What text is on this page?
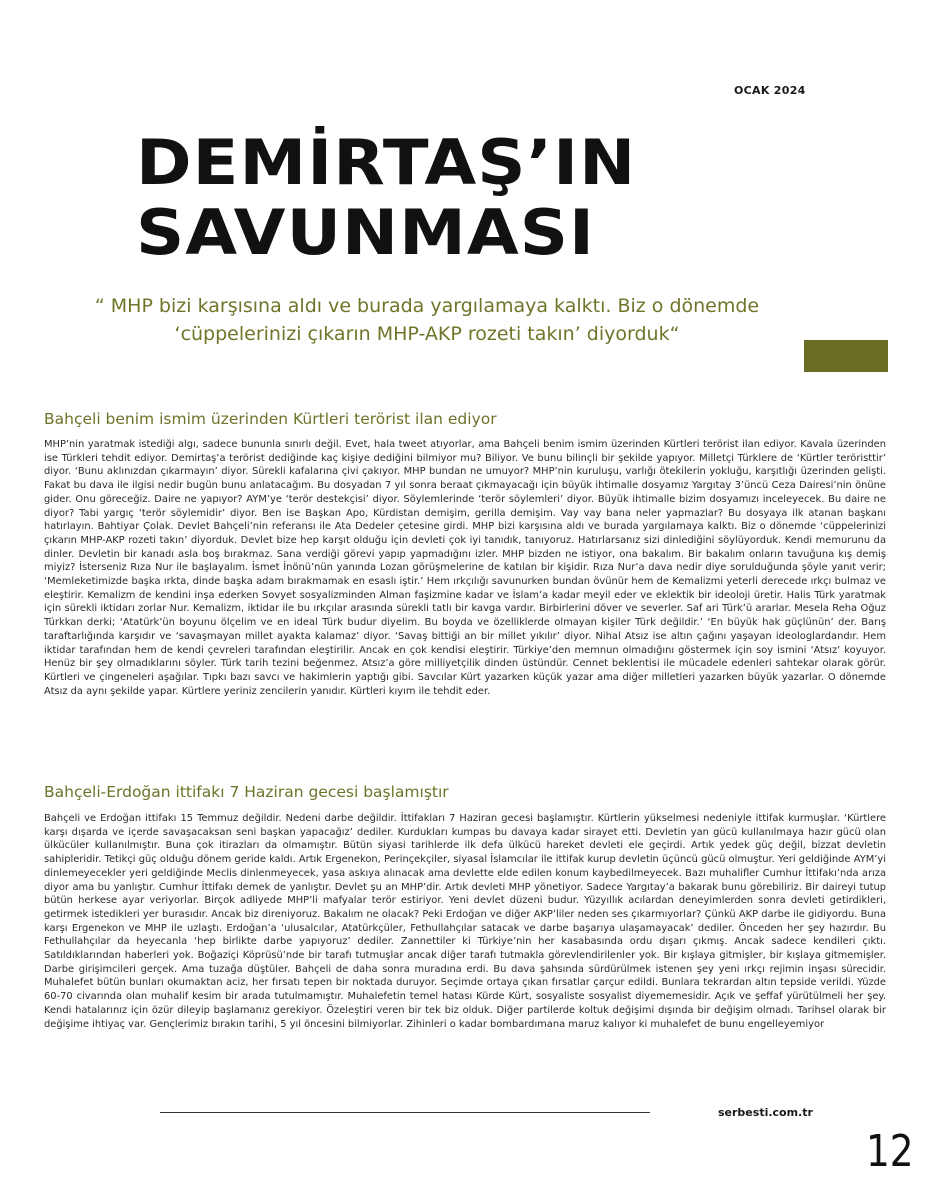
OCAK 2024
DEMİRTAŞ’IN
SAVUNMASI

“ MHP bizi karşısına aldı ve burada yargılamaya kalktı. Biz o dönemde ‘cüppelerinizi çıkarın MHP-AKP rozeti takın’ diyorduk“

Bahçeli benim ismim üzerinden Kürtleri terörist ilan ediyor

MHP’nin yaratmak istediği algı, sadece bununla sınırlı değil. Evet, hala tweet atıyorlar, ama Bahçeli benim ismim üzerinden Kürtleri terörist ilan ediyor. Kavala üzerinden ise Türkleri tehdit ediyor. Demirtaş’a terörist dediğinde kaç kişiye dediğini bilmiyor mu? Biliyor. Ve bunu bilinçli bir şekilde yapıyor. Milletçi Türklere de ‘Kürtler teröristtir’ diyor. ‘Bunu aklınızdan çıkarmayın’ diyor. Sürekli kafalarına çivi çakıyor. MHP bundan ne umuyor? MHP’nin kuruluşu, varlığı ötekilerin yokluğu, karşıtlığı üzerinden gelişti. Fakat bu dava ile ilgisi nedir bugün bunu anlatacağım. Bu dosyadan 7 yıl sonra beraat çıkmayacağı için büyük ihtimalle dosyamız Yargıtay 3’üncü Ceza Dairesi’nin önüne gider. Onu göreceğiz. Daire ne yapıyor? AYM’ye ‘terör destekçisi’ diyor. Söylemlerinde ‘terör söylemleri’ diyor. Büyük ihtimalle bizim dosyamızı inceleyecek. Bu daire ne diyor? Tabi yargıç ‘terör söylemidir’ diyor. Ben ise Başkan Apo, Kürdistan demişim, gerilla demişim. Vay vay bana neler yapmazlar? Bu dosyaya ilk atanan başkanı hatırlayın. Bahtiyar Çolak. Devlet Bahçeli’nin referansı ile Ata Dedeler çetesine girdi. MHP bizi karşısına aldı ve burada yargılamaya kalktı. Biz o dönemde ‘cüppelerinizi çıkarın MHP-AKP rozeti takın’ diyorduk. Devlet bize hep karşıt olduğu için devleti çok iyi tanıdık, tanıyoruz. Hatırlarsanız sizi dinlediğini söylüyorduk. Kendi memurunu da dinler. Devletin bir kanadı asla boş bırakmaz. Sana verdiği görevi yapıp yapmadığını izler. MHP bizden ne istiyor, ona bakalım. Bir bakalım onların tavuğuna kış demiş miyiz? İsterseniz Rıza Nur ile başlayalım. İsmet İnönü’nün yanında Lozan görüşmelerine de katılan bir kişidir. Rıza Nur’a dava nedir diye sorulduğunda şöyle yanıt verir; ‘Memleketimizde başka ırkta, dinde başka adam bırakmamak en esaslı iştir.’ Hem ırkçılığı savunurken bundan övünür hem de Kemalizmi yeterli derecede ırkçı bulmaz ve eleştirir. Kemalizm de kendini inşa ederken Sovyet sosyalizminden Alman faşizmine kadar ve İslam’a kadar meyil eder ve eklektik bir ideoloji üretir. Halis Türk yaratmak için sürekli iktidarı zorlar Nur. Kemalizm, iktidar ile bu ırkçılar arasında sürekli tatlı bir kavga vardır. Birbirlerini döver ve severler. Saf ari Türk’ü ararlar. Mesela Reha Oğuz Türkkan derki; ‘Atatürk’ün boyunu ölçelim ve en ideal Türk budur diyelim. Bu boyda ve özelliklerde olmayan kişiler Türk değildir.’ ‘En büyük hak güçlünün’ der. Barış taraftarlığında karşıdır ve ‘savaşmayan millet ayakta kalamaz’ diyor. ‘Savaş bittiği an bir millet yıkılır’ diyor. Nihal Atsız ise altın çağını yaşayan ideologlardandır. Hem iktidar tarafından hem de kendi çevreleri tarafından eleştirilir. Ancak en çok kendisi eleştirir. Türkiye’den memnun olmadığını göstermek için soy ismini ‘Atsız’ koyuyor. Henüz bir şey olmadıklarını söyler. Türk tarih tezini beğenmez. Atsız’a göre milliyetçilik dinden üstündür. Cennet beklentisi ile mücadele edenleri sahtekar olarak görür. Kürtleri ve çingeneleri aşağılar. Tıpkı bazı savcı ve hakimlerin yaptığı gibi. Savcılar Kürt yazarken küçük yazar ama diğer milletleri yazarken büyük yazarlar. O dönemde Atsız da aynı şekilde yapar. Kürtlere yeriniz zencilerin yanıdır. Kürtleri kıyım ile tehdit eder.

Bahçeli-Erdoğan ittifakı 7 Haziran gecesi başlamıştır

Bahçeli ve Erdoğan ittifakı 15 Temmuz değildir. Nedeni darbe değildir. İttifakları 7 Haziran gecesi başlamıştır. Kürtlerin yükselmesi nedeniyle ittifak kurmuşlar. ‘Kürtlere karşı dışarda ve içerde savaşacaksan seni başkan yapacağız’ dediler. Kurdukları kumpas bu davaya kadar sirayet etti. Devletin yan gücü kullanılmaya hazır gücü olan ülkücüler kullanılmıştır. Buna çok itirazları da olmamıştır. Bütün siyasi tarihlerde ilk defa ülkücü hareket devleti ele geçirdi. Artık yedek güç değil, bizzat devletin sahipleridir. Tetikçi güç olduğu dönem geride kaldı. Artık Ergenekon, Perinçekçiler, siyasal İslamcılar ile ittifak kurup devletin üçüncü gücü olmuştur. Yeri geldiğinde AYM’yi dinlemeyecekler yeri geldiğinde Meclis dinlenmeyecek, yasa askıya alınacak ama devlette elde edilen konum kaybedilmeyecek. Bazı muhalifler Cumhur İttifakı’nda arıza diyor ama bu yanlıştır. Cumhur İttifakı demek de yanlıştır. Devlet şu an MHP’dir. Artık devleti MHP yönetiyor. Sadece Yargıtay’a bakarak bunu görebiliriz. Bir daireyi tutup bütün herkese ayar veriyorlar. Birçok adliyede MHP’li mafyalar terör estiriyor. Yeni devlet düzeni budur. Yüzyıllık acılardan deneyimlerden sonra devleti getirdikleri, getirmek istedikleri yer burasıdır. Ancak biz direniyoruz. Bakalım ne olacak? Peki Erdoğan ve diğer AKP’liler neden ses çıkarmıyorlar? Çünkü AKP darbe ile gidiyordu. Buna karşı Ergenekon ve MHP ile uzlaştı. Erdoğan’a ‘ulusalcılar, Atatürkçüler, Fethullahçılar satacak ve darbe başarıya ulaşamayacak’ dediler. Önceden her şey hazırdır. Bu Fethullahçılar da heyecanla ‘hep birlikte darbe yapıyoruz’ dediler. Zannettiler ki Türkiye’nin her kasabasında ordu dışarı çıkmış. Ancak sadece kendileri çıktı. Satıldıklarından haberleri yok. Boğaziçi Köprüsü’nde bir tarafı tutmuşlar ancak diğer tarafı tutmakla görevlendirilenler yok. Bir kışlaya gitmişler, bir kışlaya gitmemişler. Darbe girişimcileri gerçek. Ama tuzağa düştüler. Bahçeli de daha sonra muradına erdi. Bu dava şahsında sürdürülmek istenen şey yeni ırkçı rejimin inşası sürecidir. Muhalefet bütün bunları okumaktan aciz, her fırsatı tepen bir noktada duruyor. Seçimde ortaya çıkan fırsatlar çarçur edildi. Bunlara tekrardan altın tepside verildi. Yüzde 60-70 civarında olan muhalif kesim bir arada tutulmamıştır. Muhalefetin temel hatası Kürde Kürt, sosyaliste sosyalist diyememesidir. Açık ve şeffaf yürütülmeli her şey. Kendi hatalarınız için özür dileyip başlamanız gerekiyor. Özeleştiri veren bir tek biz olduk. Diğer partilerde koltuk değişimi dışında bir değişim olmadı. Tarihsel olarak bir değişime ihtiyaç var. Gençlerimiz bırakın tarihi, 5 yıl öncesini bilmiyorlar. Zihinleri o kadar bombardımana maruz kalıyor ki muhalefet de bunu engelleyemiyor

serbesti.com.tr
12
